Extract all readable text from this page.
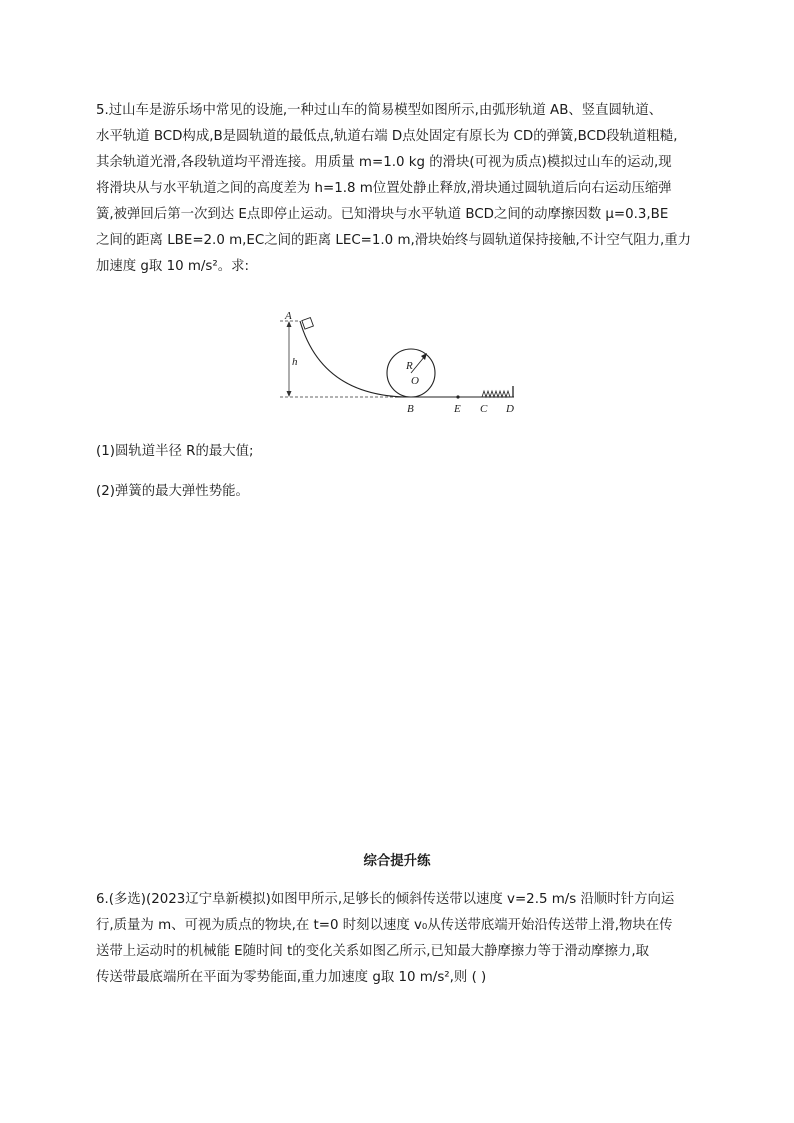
5.过山车是游乐场中常见的设施,一种过山车的简易模型如图所示,由弧形轨道 AB、竖直圆轨道、
水平轨道 BCD构成,B是圆轨道的最低点,轨道右端 D点处固定有原长为 CD的弹簧,BCD段轨道粗糙,
其余轨道光滑,各段轨道均平滑连接。用质量 m=1.0 kg 的滑块(可视为质点)模拟过山车的运动,现
将滑块从与水平轨道之间的高度差为 h=1.8 m位置处静止释放,滑块通过圆轨道后向右运动压缩弹
簧,被弹回后第一次到达 E点即停止运动。已知滑块与水平轨道 BCD之间的动摩擦因数 μ=0.3,BE
之间的距离 LBE=2.0 m,EC之间的距离 LEC=1.0 m,滑块始终与圆轨道保持接触,不计空气阻力,重力
加速度 g取 10 m/s²。求:
A
h	R
O
B	E C D
(1)圆轨道半径 R的最大值;
(2)弹簧的最大弹性势能。
综合提升练
6.(多选)(2023辽宁阜新模拟)如图甲所示,足够长的倾斜传送带以速度 v=2.5 m/s 沿顺时针方向运
行,质量为 m、可视为质点的物块,在 t=0 时刻以速度 v₀从传送带底端开始沿传送带上滑,物块在传
送带上运动时的机械能 E随时间 t的变化关系如图乙所示,已知最大静摩擦力等于滑动摩擦力,取
传送带最底端所在平面为零势能面,重力加速度 g取 10 m/s²,则 ( )
